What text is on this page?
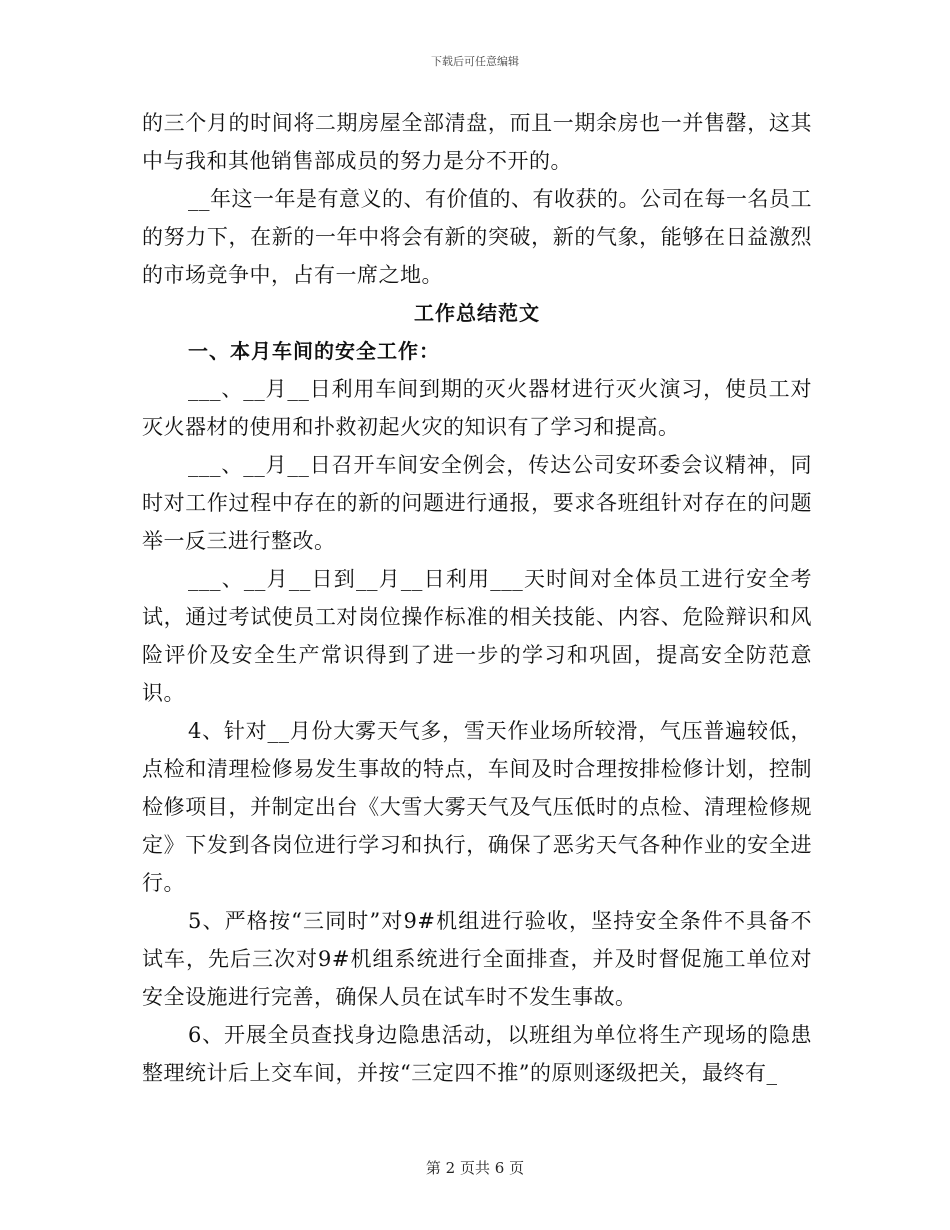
下载后可任意编辑

的三个月的时间将二期房屋全部清盘，而且一期余房也一并售罄，这其中与我和其他销售部成员的努力是分不开的。

__年这一年是有意义的、有价值的、有收获的。公司在每一名员工的努力下，在新的一年中将会有新的突破，新的气象，能够在日益激烈的市场竞争中，占有一席之地。

工作总结范文

一、本月车间的安全工作：

___、__月__日利用车间到期的灭火器材进行灭火演习，使员工对灭火器材的使用和扑救初起火灾的知识有了学习和提高。

___、__月__日召开车间安全例会，传达公司安环委会议精神，同时对工作过程中存在的新的问题进行通报，要求各班组针对存在的问题举一反三进行整改。

___、__月__日到__月__日利用___天时间对全体员工进行安全考试，通过考试使员工对岗位操作标准的相关技能、内容、危险辩识和风险评价及安全生产常识得到了进一步的学习和巩固，提高安全防范意识。

4、针对__月份大雾天气多，雪天作业场所较滑，气压普遍较低，点检和清理检修易发生事故的特点，车间及时合理按排检修计划，控制检修项目，并制定出台《大雪大雾天气及气压低时的点检、清理检修规定》下发到各岗位进行学习和执行，确保了恶劣天气各种作业的安全进行。

5、严格按“三同时”对9#机组进行验收，坚持安全条件不具备不试车，先后三次对9#机组系统进行全面排查，并及时督促施工单位对安全设施进行完善，确保人员在试车时不发生事故。

6、开展全员查找身边隐患活动，以班组为单位将生产现场的隐患整理统计后上交车间，并按“三定四不推”的原则逐级把关，最终有_

第 2 页共 6 页
